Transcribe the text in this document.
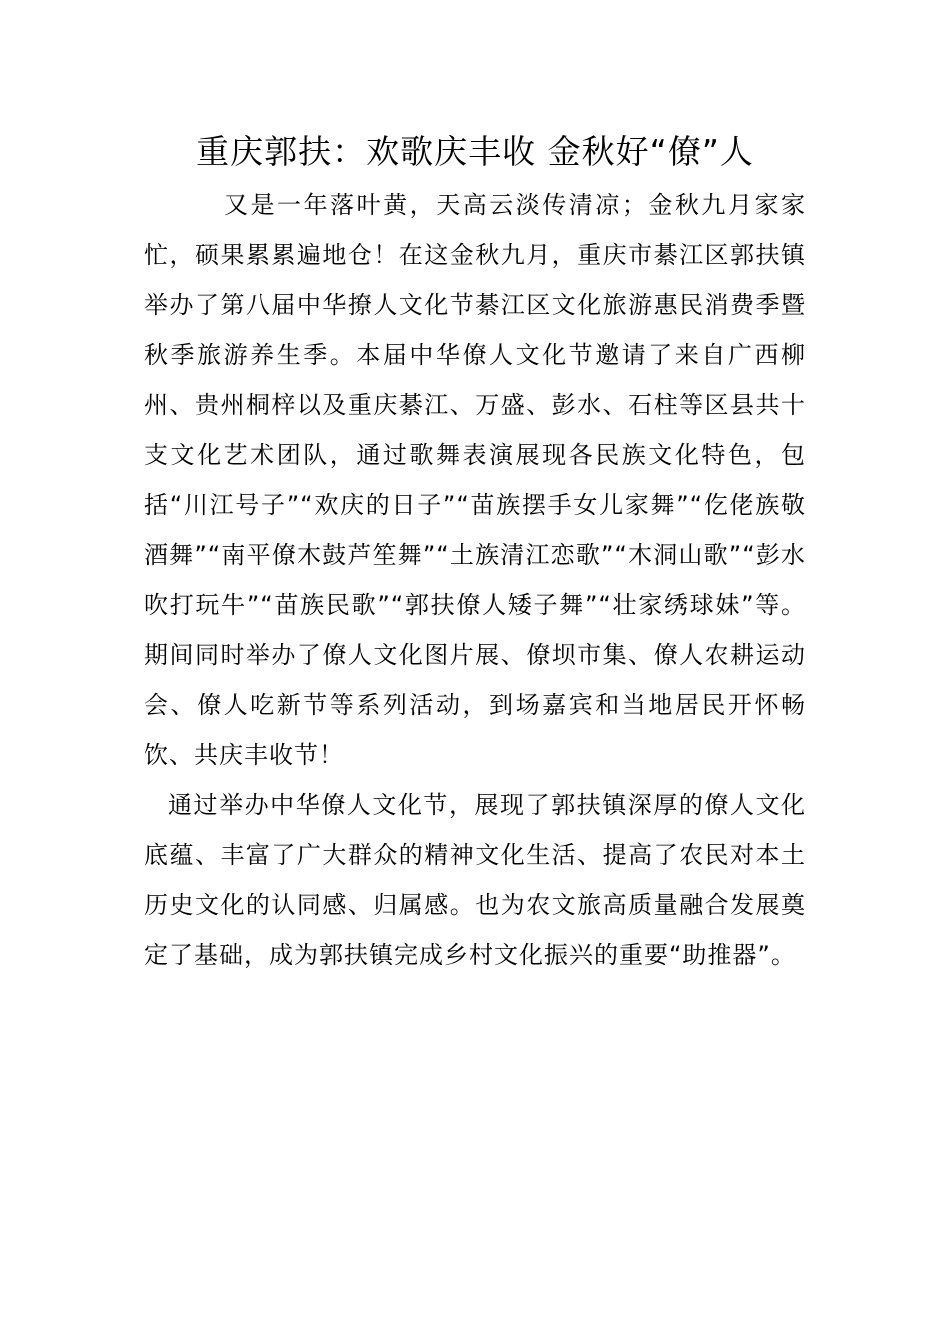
重庆郭扶：欢歌庆丰收 金秋好“僚”人

又是一年落叶黄，天高云淡传清凉；金秋九月家家忙，硕果累累遍地仓！在这金秋九月，重庆市綦江区郭扶镇举办了第八届中华撩人文化节綦江区文化旅游惠民消费季暨秋季旅游养生季。本届中华僚人文化节邀请了来自广西柳州、贵州桐梓以及重庆綦江、万盛、彭水、石柱等区县共十支文化艺术团队，通过歌舞表演展现各民族文化特色，包括“川江号子”“欢庆的日子”“苗族摆手女儿家舞”“仡佬族敬酒舞”“南平僚木鼓芦笙舞”“土族清江恋歌”“木洞山歌”“彭水吹打玩牛”“苗族民歌”“郭扶僚人矮子舞”“壮家绣球妹”等。期间同时举办了僚人文化图片展、僚坝市集、僚人农耕运动会、僚人吃新节等系列活动，到场嘉宾和当地居民开怀畅饮、共庆丰收节！

通过举办中华僚人文化节，展现了郭扶镇深厚的僚人文化底蕴、丰富了广大群众的精神文化生活、提高了农民对本土历史文化的认同感、归属感。也为农文旅高质量融合发展奠定了基础，成为郭扶镇完成乡村文化振兴的重要“助推器”。
